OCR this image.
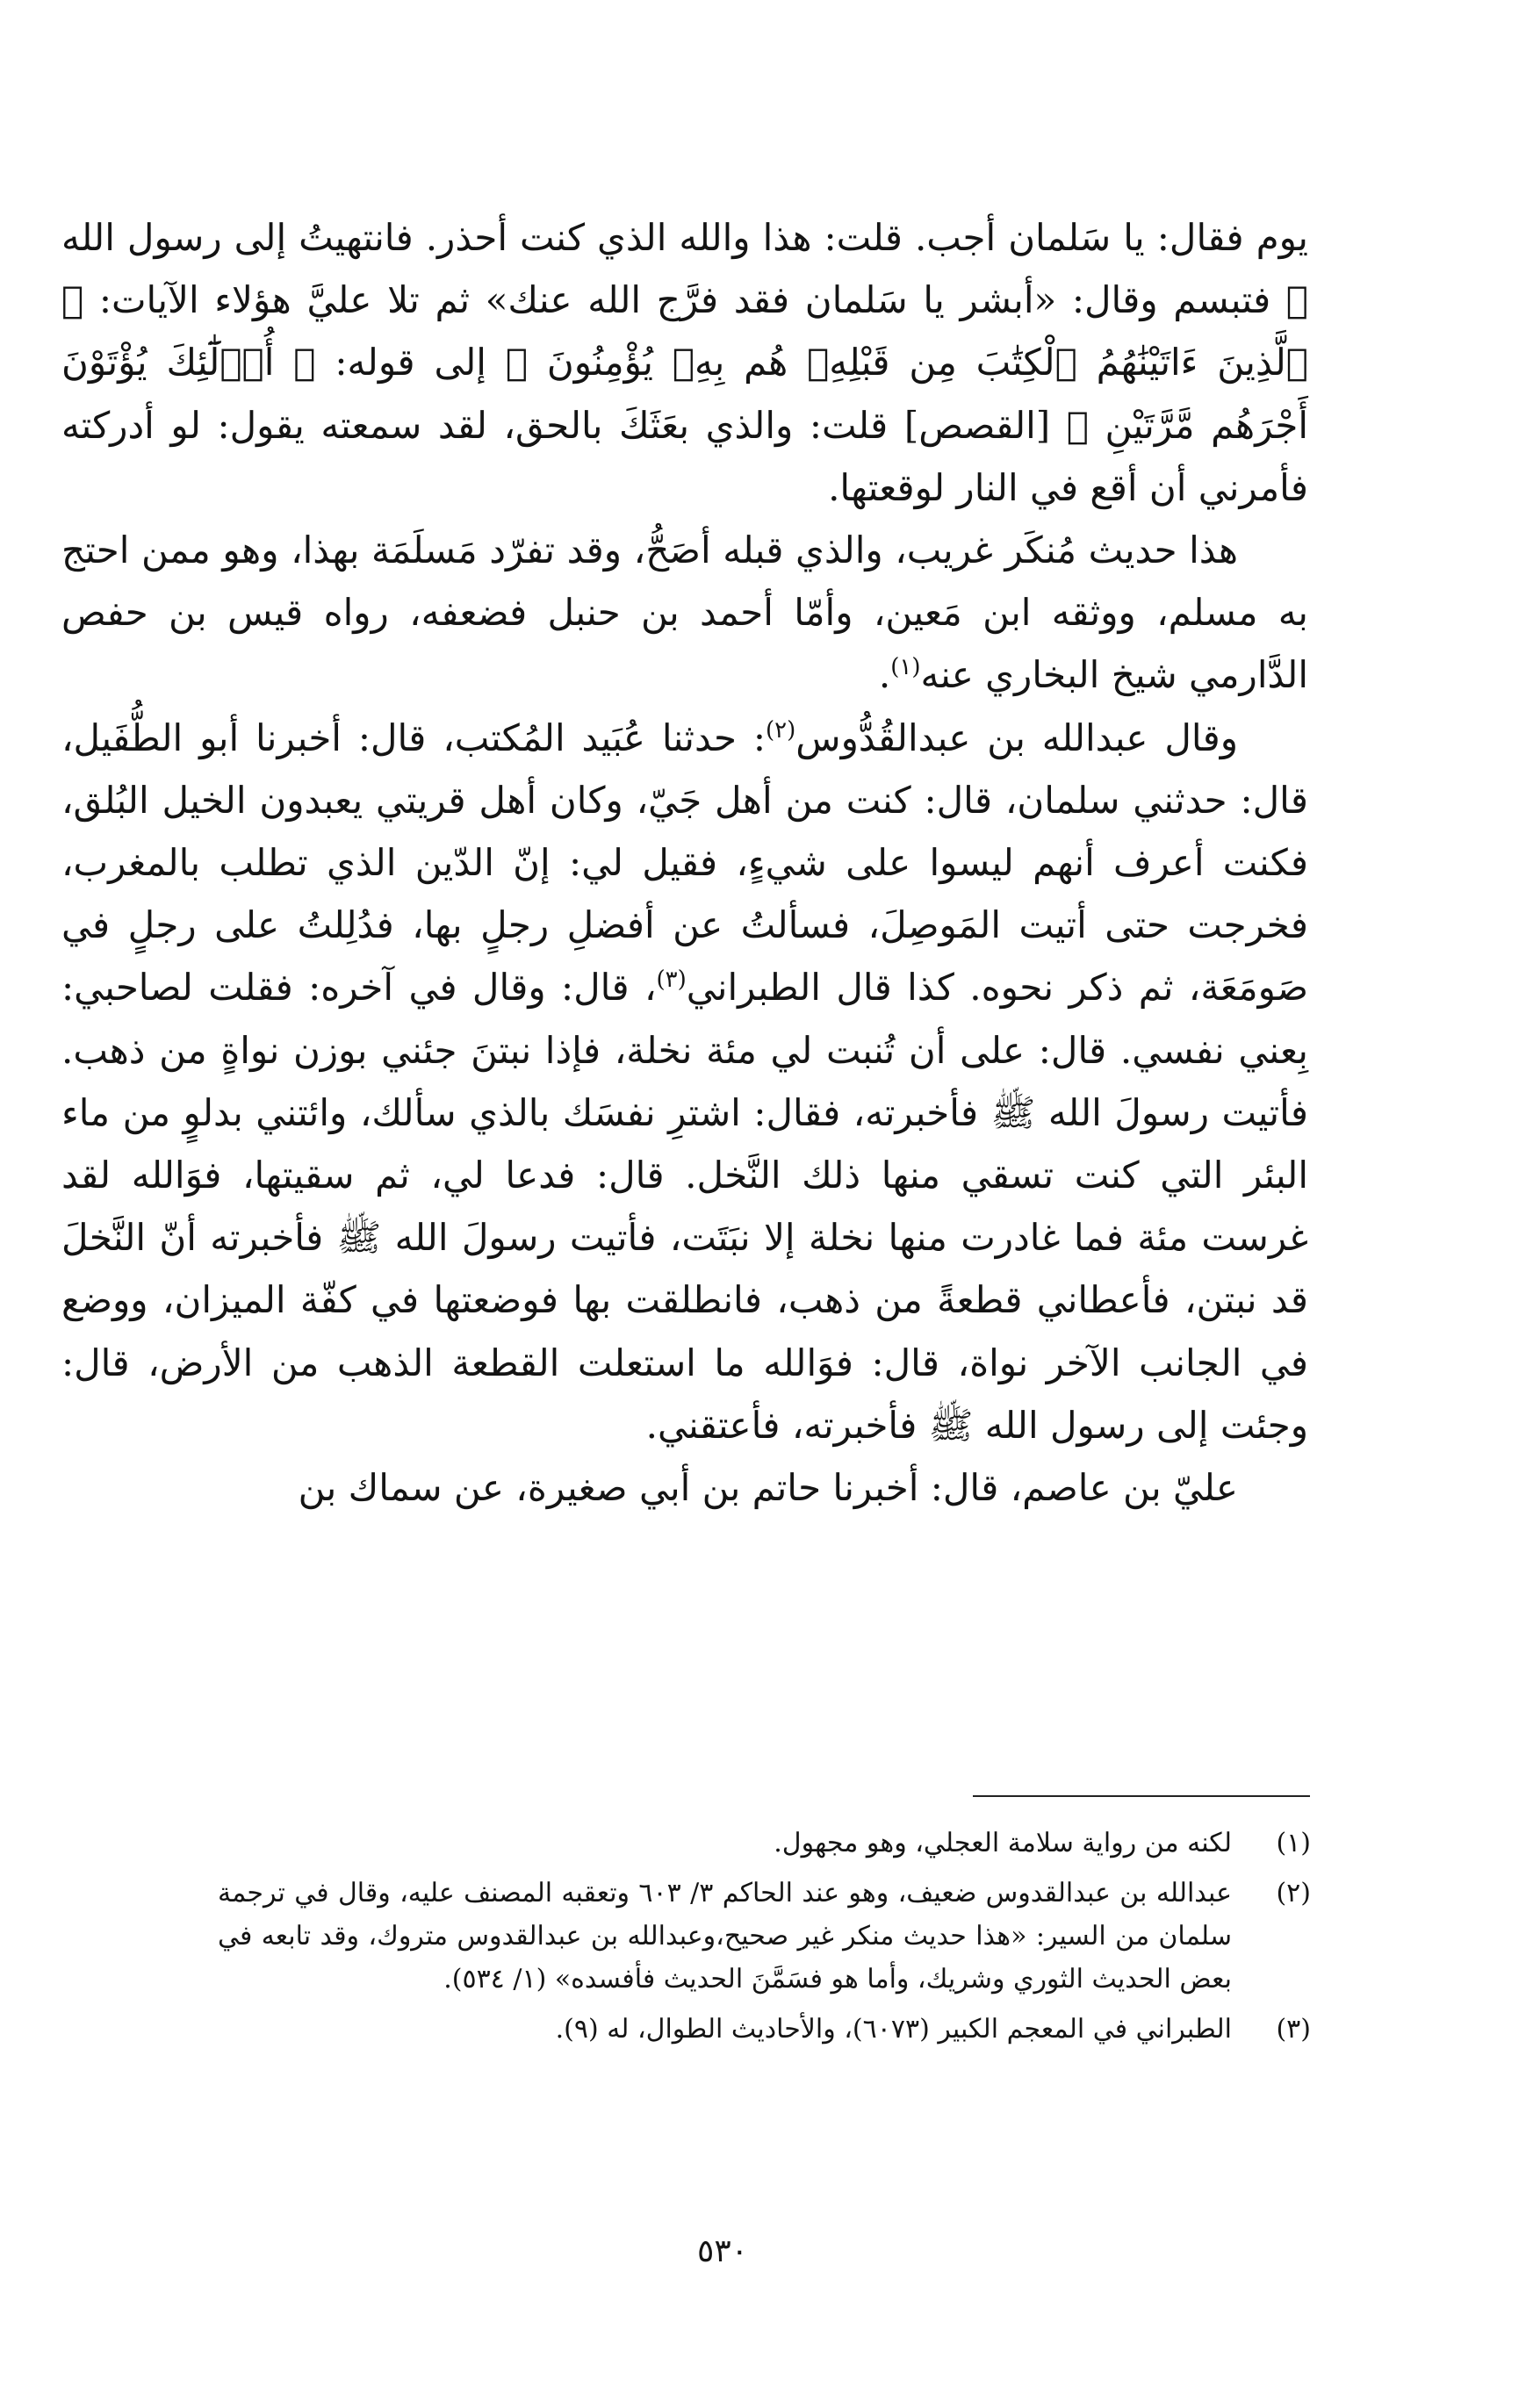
يوم فقال: يا سَلمان أجب. قلت: هذا والله الذي كنت أحذر. فانتهيتُ إلى رسول الله ﷺ فتبسم وقال: «أبشر يا سَلمان فقد فرَّج الله عنك» ثم تلا عليَّ هؤلاء الآيات: ﴿ ٱلَّذِينَ ءَاتَيْنَٰهُمُ ٱلْكِتَٰبَ مِن قَبْلِهِۦ هُم بِهِۦ يُؤْمِنُونَ ﴾ إلى قوله: ﴿ أُو۟لَٰٓئِكَ يُؤْتَوْنَ أَجْرَهُم مَّرَّتَيْنِ ﴾ [القصص] قلت: والذي بعَثَكَ بالحق، لقد سمعته يقول: لو أدركته فأمرني أن أقع في النار لوقعتها.

هذا حديث مُنكَر غريب، والذي قبله أصَحُّ، وقد تفرّد مَسلَمَة بهذا، وهو ممن احتج به مسلم، ووثقه ابن مَعين، وأمّا أحمد بن حنبل فضعفه، رواه قيس بن حفص الدَّارمي شيخ البخاري عنه$^{(١)}$.

وقال عبدالله بن عبدالقُدُّوس$^{(٢)}$: حدثنا عُبَيد المُكتب، قال: أخبرنا أبو الطُّفَيل، قال: حدثني سلمان، قال: كنت من أهل جَيّ، وكان أهل قريتي يعبدون الخيل البُلق، فكنت أعرف أنهم ليسوا على شيءٍ، فقيل لي: إنّ الدّين الذي تطلب بالمغرب، فخرجت حتى أتيت المَوصِلَ، فسألتُ عن أفضلِ رجلٍ بها، فدُلِلتُ على رجلٍ في صَومَعَة، ثم ذكر نحوه. كذا قال الطبراني$^{(٣)}$، قال: وقال في آخره: فقلت لصاحبي: بِعني نفسي. قال: على أن تُنبت لي مئة نخلة، فإذا نبتنَ جئني بوزن نواةٍ من ذهب. فأتيت رسولَ الله ﷺ فأخبرته، فقال: اشترِ نفسَك بالذي سألك، وائتني بدلوٍ من ماء البئر التي كنت تسقي منها ذلك النَّخل. قال: فدعا لي، ثم سقيتها، فوَالله لقد غرست مئة فما غادرت منها نخلة إلا نبَتَت، فأتيت رسولَ الله ﷺ فأخبرته أنّ النَّخلَ قد نبتن، فأعطاني قطعةً من ذهب، فانطلقت بها فوضعتها في كفّة الميزان، ووضع في الجانب الآخر نواة، قال: فوَالله ما استعلت القطعة الذهب من الأرض، قال: وجئت إلى رسول الله ﷺ فأخبرته، فأعتقني.

عليّ بن عاصم، قال: أخبرنا حاتم بن أبي صغيرة، عن سماك بن

(١)
لكنه من رواية سلامة العجلي، وهو مجهول.
(٢)
عبدالله بن عبدالقدوس ضعيف، وهو عند الحاكم ٣/ ٦٠٣ وتعقبه المصنف عليه، وقال في ترجمة سلمان من السير: «هذا حديث منكر غير صحيح،وعبدالله بن عبدالقدوس متروك، وقد تابعه في بعض الحديث الثوري وشريك، وأما هو فسَمَّنَ الحديث فأفسده» (١/ ٥٣٤).
(٣)
الطبراني في المعجم الكبير (٦٠٧٣)، والأحاديث الطوال، له (٩).
٥٣٠
